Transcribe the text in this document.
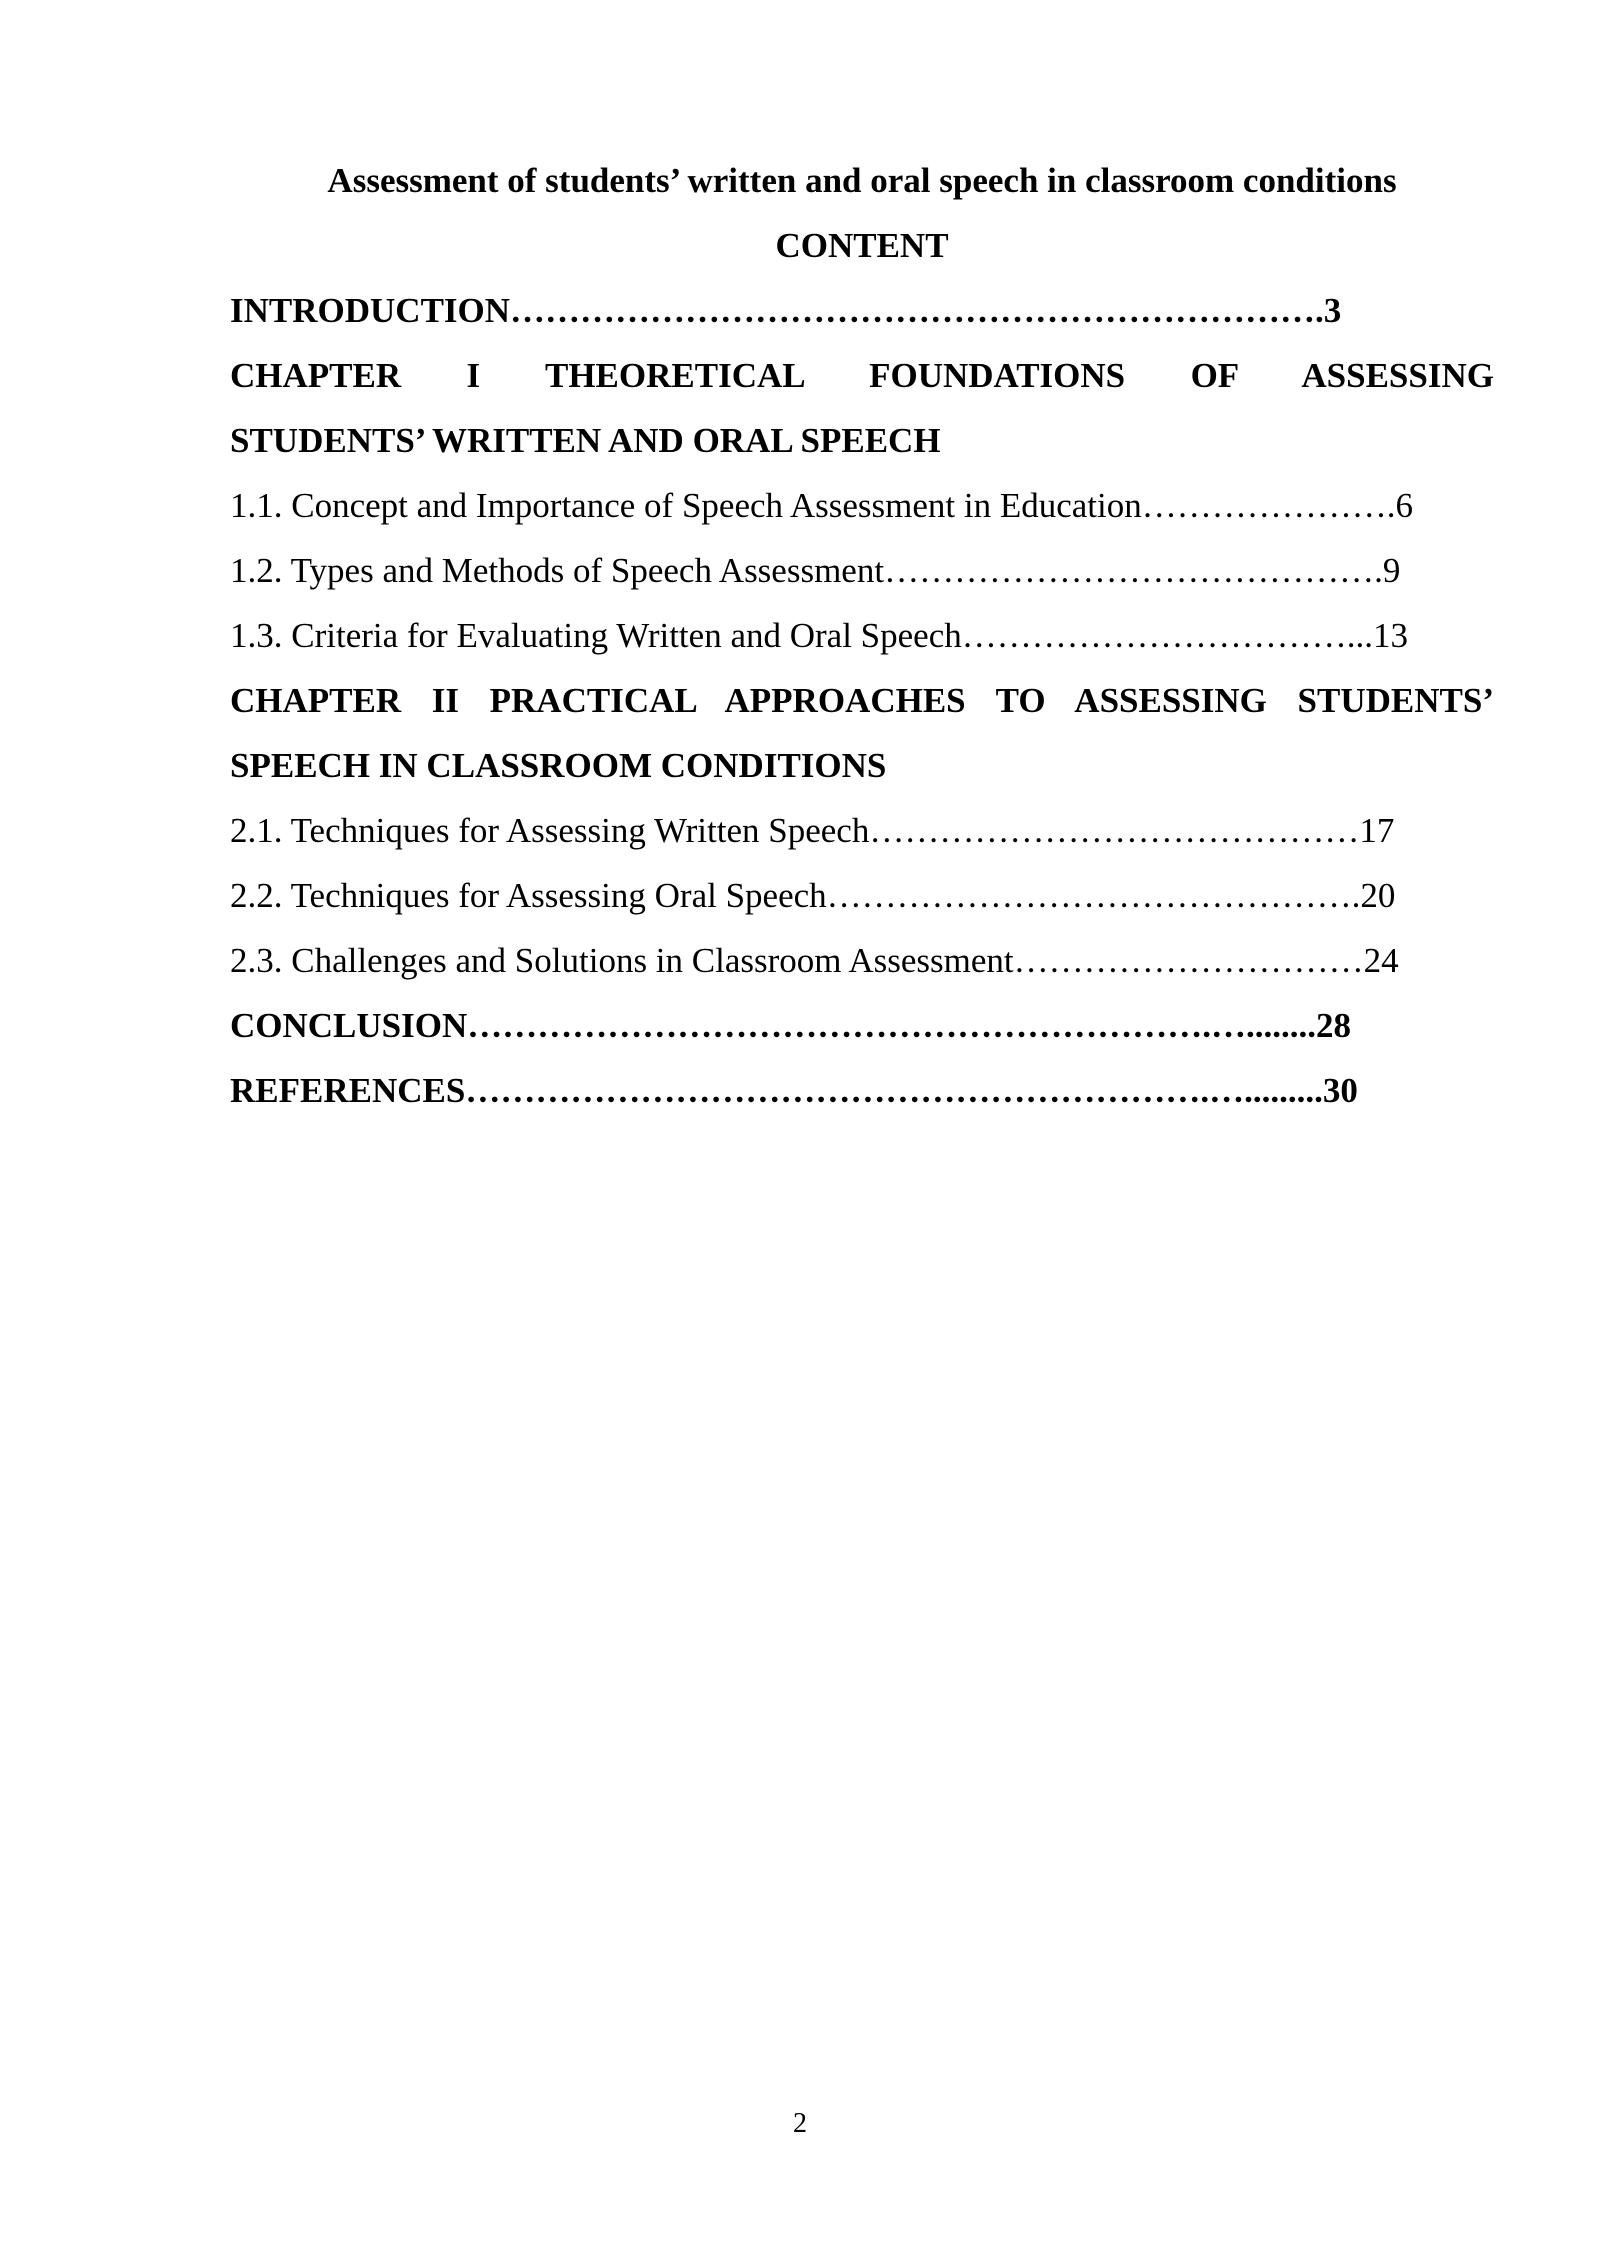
Assessment of students’ written and oral speech in classroom conditions
CONTENT
INTRODUCTION…………………………………………………………….3
CHAPTER I THEORETICAL FOUNDATIONS OF ASSESSING
STUDENTS’ WRITTEN AND ORAL SPEECH
1.1. Concept and Importance of Speech Assessment in Education………………….6
1.2. Types and Methods of Speech Assessment…………………………………….9
1.3. Criteria for Evaluating Written and Oral Speech……………………………...13
CHAPTER II PRACTICAL APPROACHES TO ASSESSING STUDENTS’
SPEECH IN CLASSROOM CONDITIONS
2.1. Techniques for Assessing Written Speech……………………………………17
2.2. Techniques for Assessing Oral Speech……………………………………….20
2.3. Challenges and Solutions in Classroom Assessment…………………………24
CONCLUSION……………………………………………………….…........28
REFERENCES……………………………………………………….….........30
2
